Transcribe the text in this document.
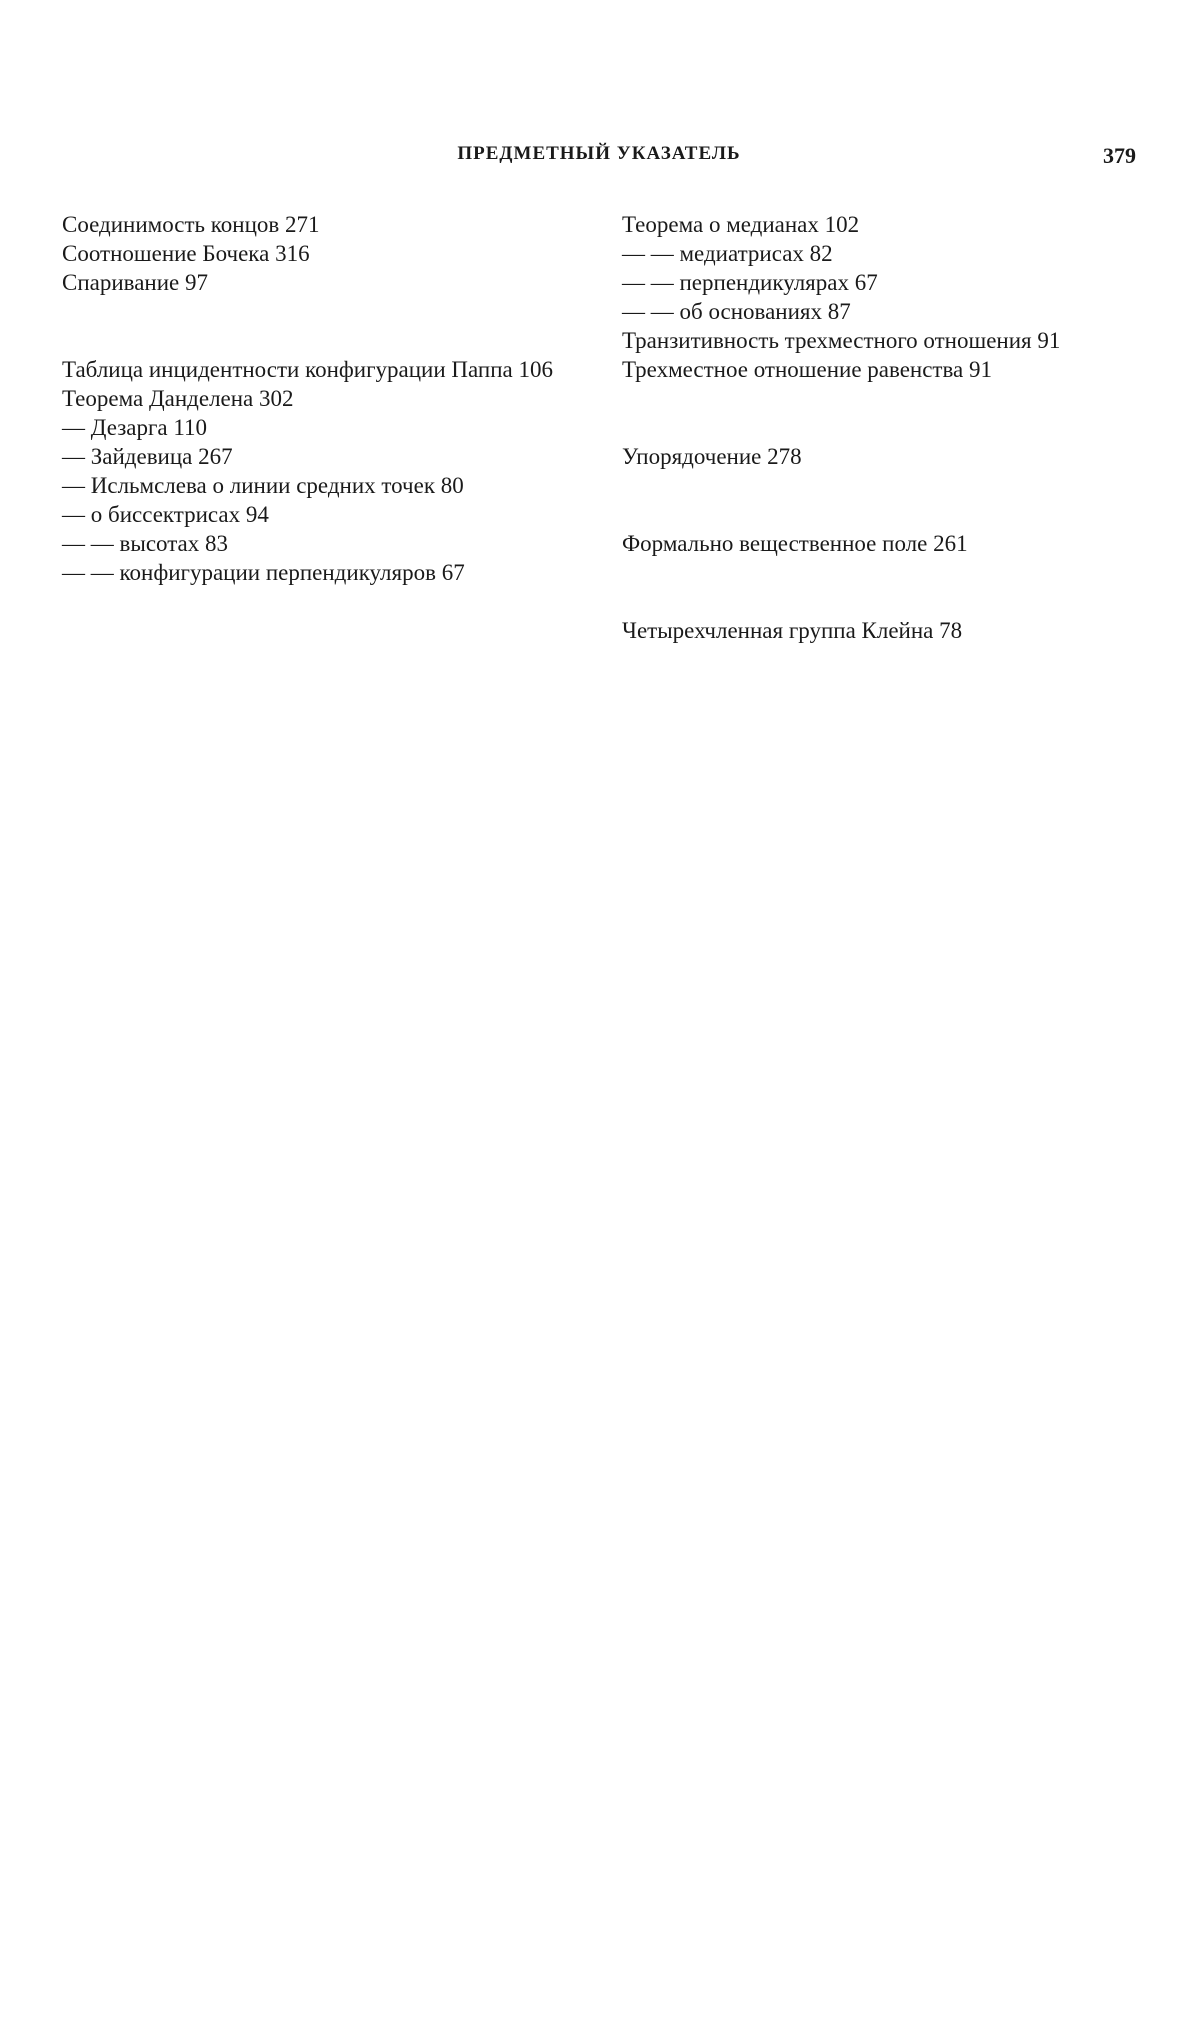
ПРЕДМЕТНЫЙ УКАЗАТЕЛЬ	379

Соединимость концов 271

Соотношение Бочека 316

Спаривание 97

Таблица инцидентности конфигурации Паппа 106

Теорема Данделена 302

— Дезарга 110

— Зайдевица 267

— Исльмслева о линии средних точек 80

— о биссектрисах 94

— — высотах 83

— — конфигурации перпендикуляров 67

Теорема о медианах 102

— — медиатрисах 82

— — перпендикулярах 67

— — об основаниях 87

Транзитивность трехместного отношения 91

Трехместное отношение равенства 91

Упорядочение 278

Формально вещественное поле 261

Четырехчленная группа Клейна 78
